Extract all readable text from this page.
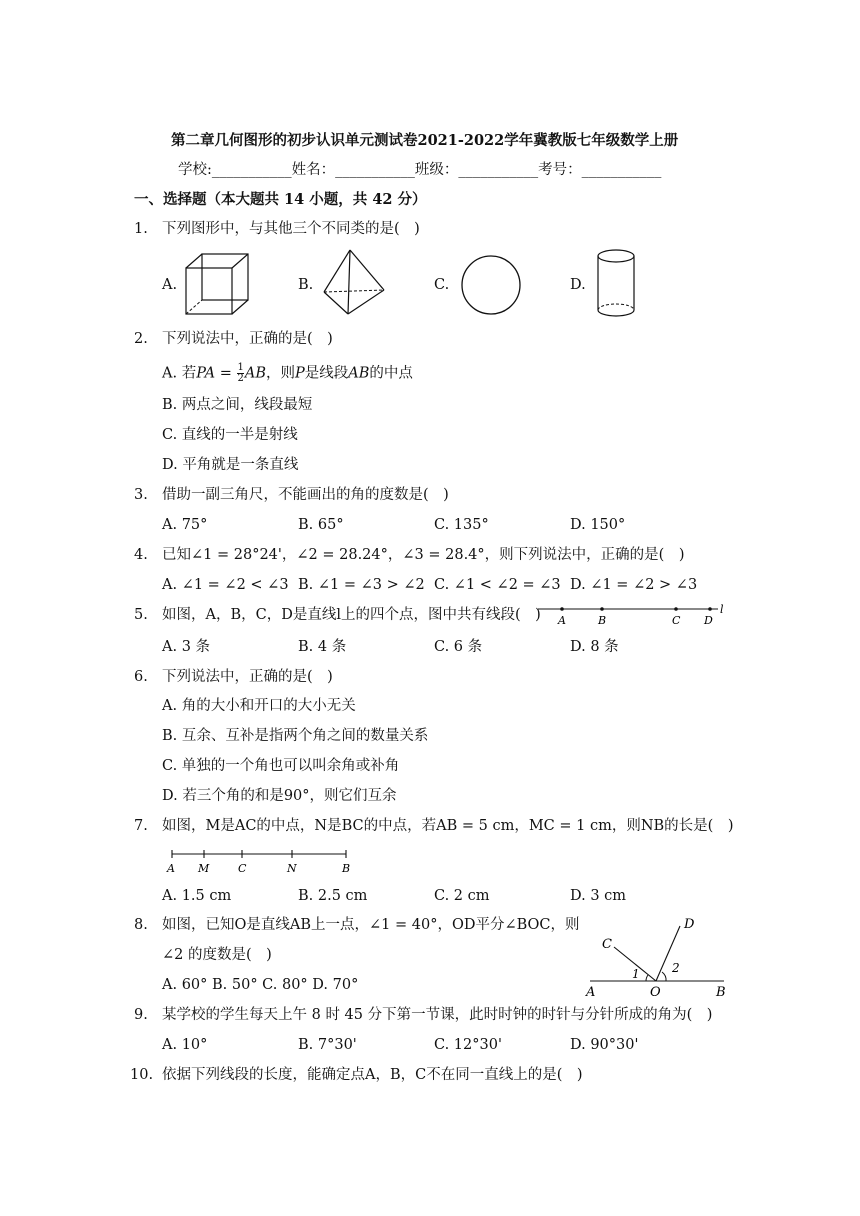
第二章几何图形的初步认识单元测试卷2021-2022学年冀教版七年级数学上册
学校:___________姓名：___________班级：___________考号：___________
一、选择题（本大题共 14 小题，共 42 分）
1. 下列图形中，与其他三个不同类的是(　)
A.	B.	C.	D.
2. 下列说法中，正确的是(　)
A. 若PA = $\frac{1}{2}$ AB，则P是线段AB的中点
B. 两点之间，线段最短
C. 直线的一半是射线
D. 平角就是一条直线
3. 借助一副三角尺，不能画出的角的度数是(　)
A. 75°	B. 65°	C. 135°	D. 150°
4. 已知∠1 = 28°24'，∠2 = 28.24°，∠3 = 28.4°，则下列说法中，正确的是(　)
A. ∠1 = ∠2 < ∠3 B. ∠1 = ∠3 > ∠2 C. ∠1 < ∠2 = ∠3 D. ∠1 = ∠2 > ∠3
5. 如图，A，B，C，D是直线l上的四个点，图中共有线段(　) A	B	C D
l
A. 3 条	B. 4 条	C. 6 条	D. 8 条
6. 下列说法中，正确的是(　)
A. 角的大小和开口的大小无关
B. 互余、互补是指两个角之间的数量关系
C. 单独的一个角也可以叫余角或补角
D. 若三个角的和是90°，则它们互余
7. 如图，M是AC的中点，N是BC的中点，若AB = 5 cm，MC = 1 cm，则NB的长是(　)
A M	C	N	B
A. 1.5 cm	B. 2.5 cm	C. 2 cm	D. 3 cm
8. 如图，已知O是直线AB上一点，∠1 = 40°，OD平分∠BOC，则
∠2 的度数是(　)
A. 60° B. 50° C. 80° D. 70°
C
D
1	2
A	O	B
9. 某学校的学生每天上午 8 时 45 分下第一节课，此时时钟的时针与分针所成的角为(　)
A. 10°	B. 7°30'	C. 12°30'	D. 90°30'
10. 依据下列线段的长度，能确定点A，B，C不在同一直线上的是(　)
